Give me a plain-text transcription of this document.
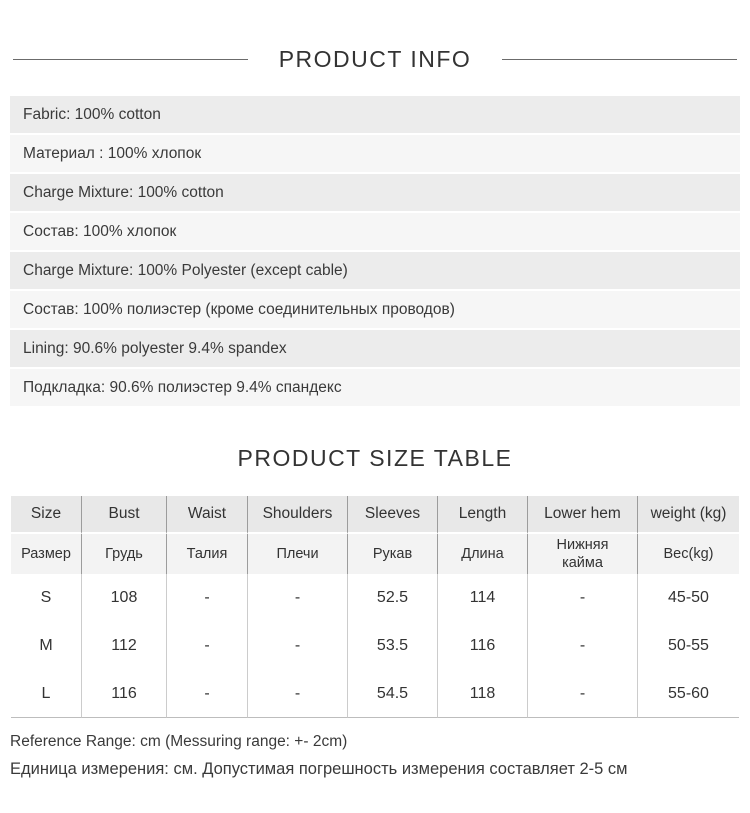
PRODUCT INFO
Fabric: 100% cotton
Материал : 100% хлопок
Charge Mixture: 100% cotton
Состав: 100% хлопок
Charge Mixture: 100% Polyester (except cable)
Состав: 100% полиэстер (кроме соединительных проводов)
Lining: 90.6% polyester 9.4% spandex
Подкладка: 90.6% полиэстер 9.4% спандекс
PRODUCT SIZE TABLE
Size	Bust	Waist	Shoulders	Sleeves	Length	Lower hem	weight (kg)
Размер	Грудь	Талия	Плечи	Рукав	Длина	Нижняя кайма	Вес(kg)
S	108	-	-	52.5	114	-	45-50
M	112	-	-	53.5	116	-	50-55
L	116	-	-	54.5	118	-	55-60

Reference Range: cm (Messuring range: +- 2cm)

Единица измерения: см. Допустимая погрешность измерения составляет 2-5 см
